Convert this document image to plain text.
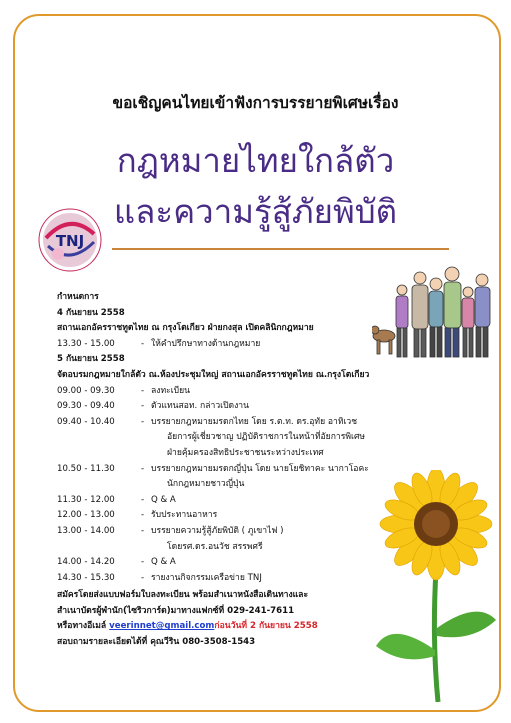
ขอเชิญคนไทยเข้าฟังการบรรยายพิเศษเรื่อง
กฎหมายไทยใกล้ตัว
และความรู้สู้ภัยพิบัติ
TNJ
กำหนดการ
4 กันยายน 2558
สถานเอกอัครราชทูตไทย ณ กรุงโตเกียว ฝ่ายกงสุล เปิดคลินิกกฎหมาย
13.30 - 15.00	- ให้คำปรึกษาทางด้านกฎหมาย
5 กันยายน 2558
จัดอบรมกฎหมายใกล้ตัว ณ.ห้องประชุมใหญ่ สถานเอกอัครราชทูตไทย ณ.กรุงโตเกียว
09.00 - 09.30	- ลงทะเบียน
09.30 - 09.40	- ตัวแทนสอท. กล่าวเปิดงาน
09.40 - 10.40	- บรรยายกฎหมายมรดกไทย โดย ร.ต.ท. ดร.อุทัย อาทิเวช
อัยการผู้เชี่ยวชาญ ปฏิบัติราชการในหน้าที่อัยการพิเศษ
ฝ่ายคุ้มครองสิทธิประชาชนระหว่างประเทศ
10.50 - 11.30	- บรรยายกฎหมายมรดกญี่ปุ่น โดย นายโยชิทาคะ นากาโอคะ
นักกฎหมายชาวญี่ปุ่น
11.30 - 12.00	- Q & A
12.00 - 13.00	- รับประทานอาหาร
13.00 - 14.00	- บรรยายความรู้สู้ภัยพิบัติ ( ภูเขาไฟ )
โดยรศ.ดร.อนวัช สรรพศรี
14.00 - 14.20	- Q & A
14.30 - 15.30	- รายงานกิจกรรมเครือข่าย TNJ
สมัครโดยส่งแบบฟอร์มใบลงทะเบียน พร้อมสำเนาหนังสือเดินทางและ
สำเนาบัตรผู้พำนัก(ไซริวการ์ด)มาทางแฟกซ์ที่ 029-241-7611
หรือทางอีเมล์ veerinnet@gmail.comก่อนวันที่ 2 กันยายน 2558
สอบถามรายละเอียดได้ที่ คุณวีริน 080-3508-1543
